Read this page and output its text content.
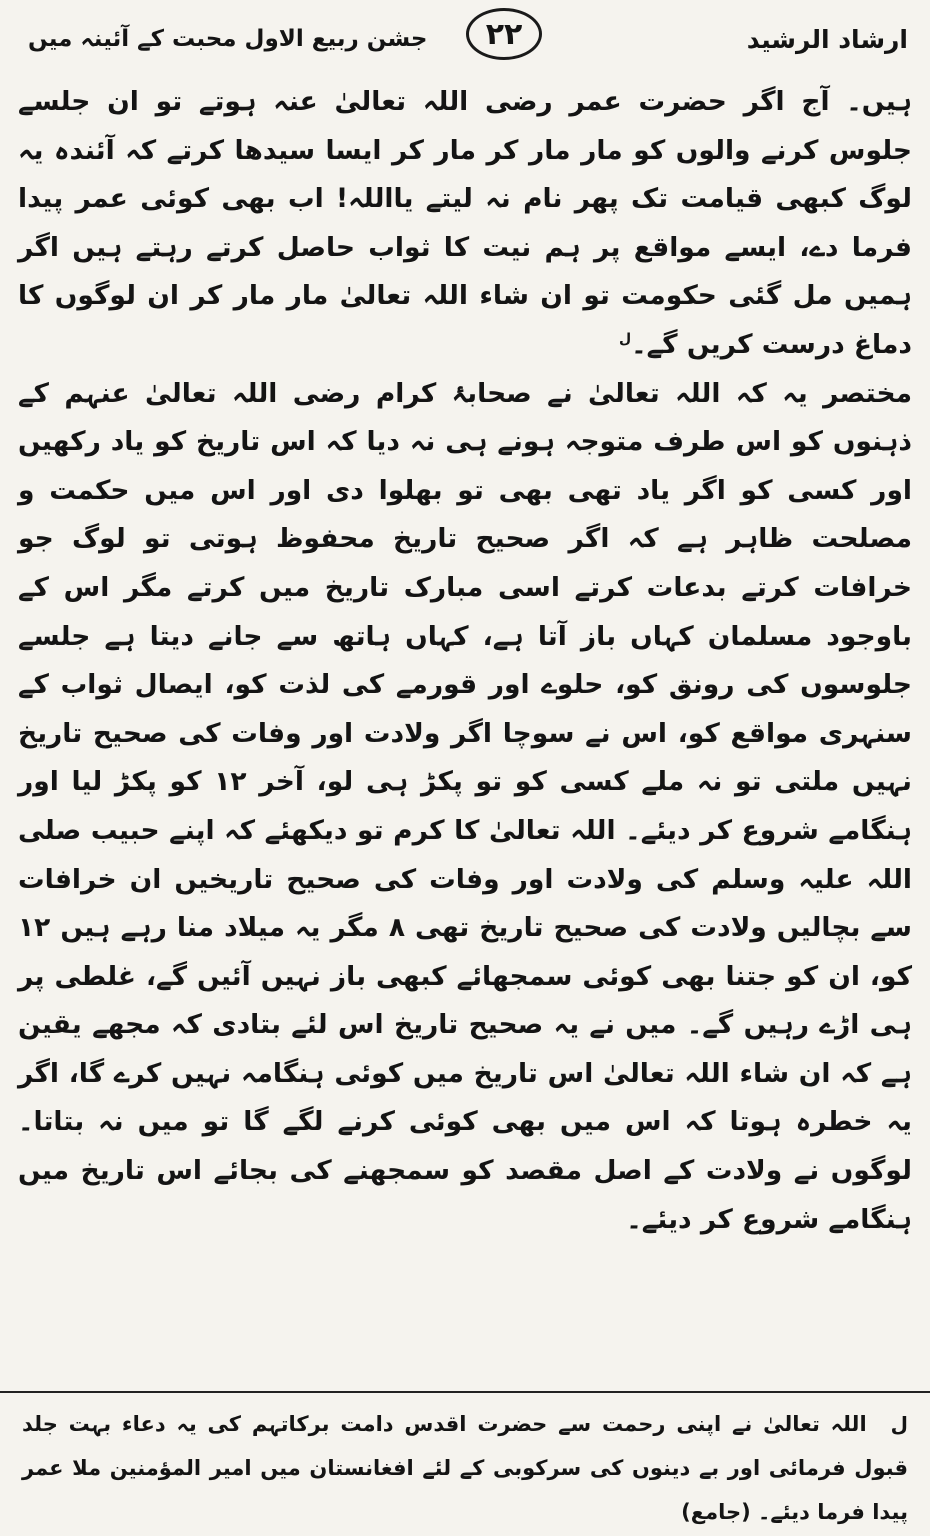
ارشاد الرشید
جشن ربیع الاول محبت کے آئینہ میں	۲۲

ہیں۔ آج اگر حضرت عمر رضی اللہ تعالیٰ عنہ ہوتے تو ان جلسے جلوس کرنے والوں کو مار مار کر مار کر ایسا سیدھا کرتے کہ آئندہ یہ لوگ کبھی قیامت تک پھر نام نہ لیتے یااللہ! اب بھی کوئی عمر پیدا فرما دے، ایسے مواقع پر ہم نیت کا ثواب حاصل کرتے رہتے ہیں اگر ہمیں مل گئی حکومت تو ان شاء اللہ تعالیٰ مار مار کر ان لوگوں کا دماغ درست کریں گے۔$^ل$

مختصر یہ کہ اللہ تعالیٰ نے صحابۂ کرام رضی اللہ تعالیٰ عنہم کے ذہنوں کو اس طرف متوجہ ہونے ہی نہ دیا کہ اس تاریخ کو یاد رکھیں اور کسی کو اگر یاد تھی بھی تو بھلوا دی اور اس میں حکمت و مصلحت ظاہر ہے کہ اگر صحیح تاریخ محفوظ ہوتی تو لوگ جو خرافات کرتے بدعات کرتے اسی مبارک تاریخ میں کرتے مگر اس کے باوجود مسلمان کہاں باز آتا ہے، کہاں ہاتھ سے جانے دیتا ہے جلسے جلوسوں کی رونق کو، حلوے اور قورمے کی لذت کو، ایصال ثواب کے سنہری مواقع کو، اس نے سوچا اگر ولادت اور وفات کی صحیح تاریخ نہیں ملتی تو نہ ملے کسی کو تو پکڑ ہی لو، آخر ۱۲ کو پکڑ لیا اور ہنگامے شروع کر دیئے۔ اللہ تعالیٰ کا کرم تو دیکھئے کہ اپنے حبیب صلی اللہ علیہ وسلم کی ولادت اور وفات کی صحیح تاریخیں ان خرافات سے بچالیں ولادت کی صحیح تاریخ تھی ۸ مگر یہ میلاد منا رہے ہیں ۱۲ کو، ان کو جتنا بھی کوئی سمجھائے کبھی باز نہیں آئیں گے، غلطی پر ہی اڑے رہیں گے۔ میں نے یہ صحیح تاریخ اس لئے بتادی کہ مجھے یقین ہے کہ ان شاء اللہ تعالیٰ اس تاریخ میں کوئی ہنگامہ نہیں کرے گا، اگر یہ خطرہ ہوتا کہ اس میں بھی کوئی کرنے لگے گا تو میں نہ بتاتا۔ لوگوں نے ولادت کے اصل مقصد کو سمجھنے کی بجائے اس تاریخ میں ہنگامے شروع کر دیئے۔

لاللہ تعالیٰ نے اپنی رحمت سے حضرت اقدس دامت برکاتہم کی یہ دعاء بہت جلد قبول فرمائی اور بے دینوں کی سرکوبی کے لئے افغانستان میں امیر المؤمنین ملا عمر پیدا فرما دیئے۔ (جامع)
